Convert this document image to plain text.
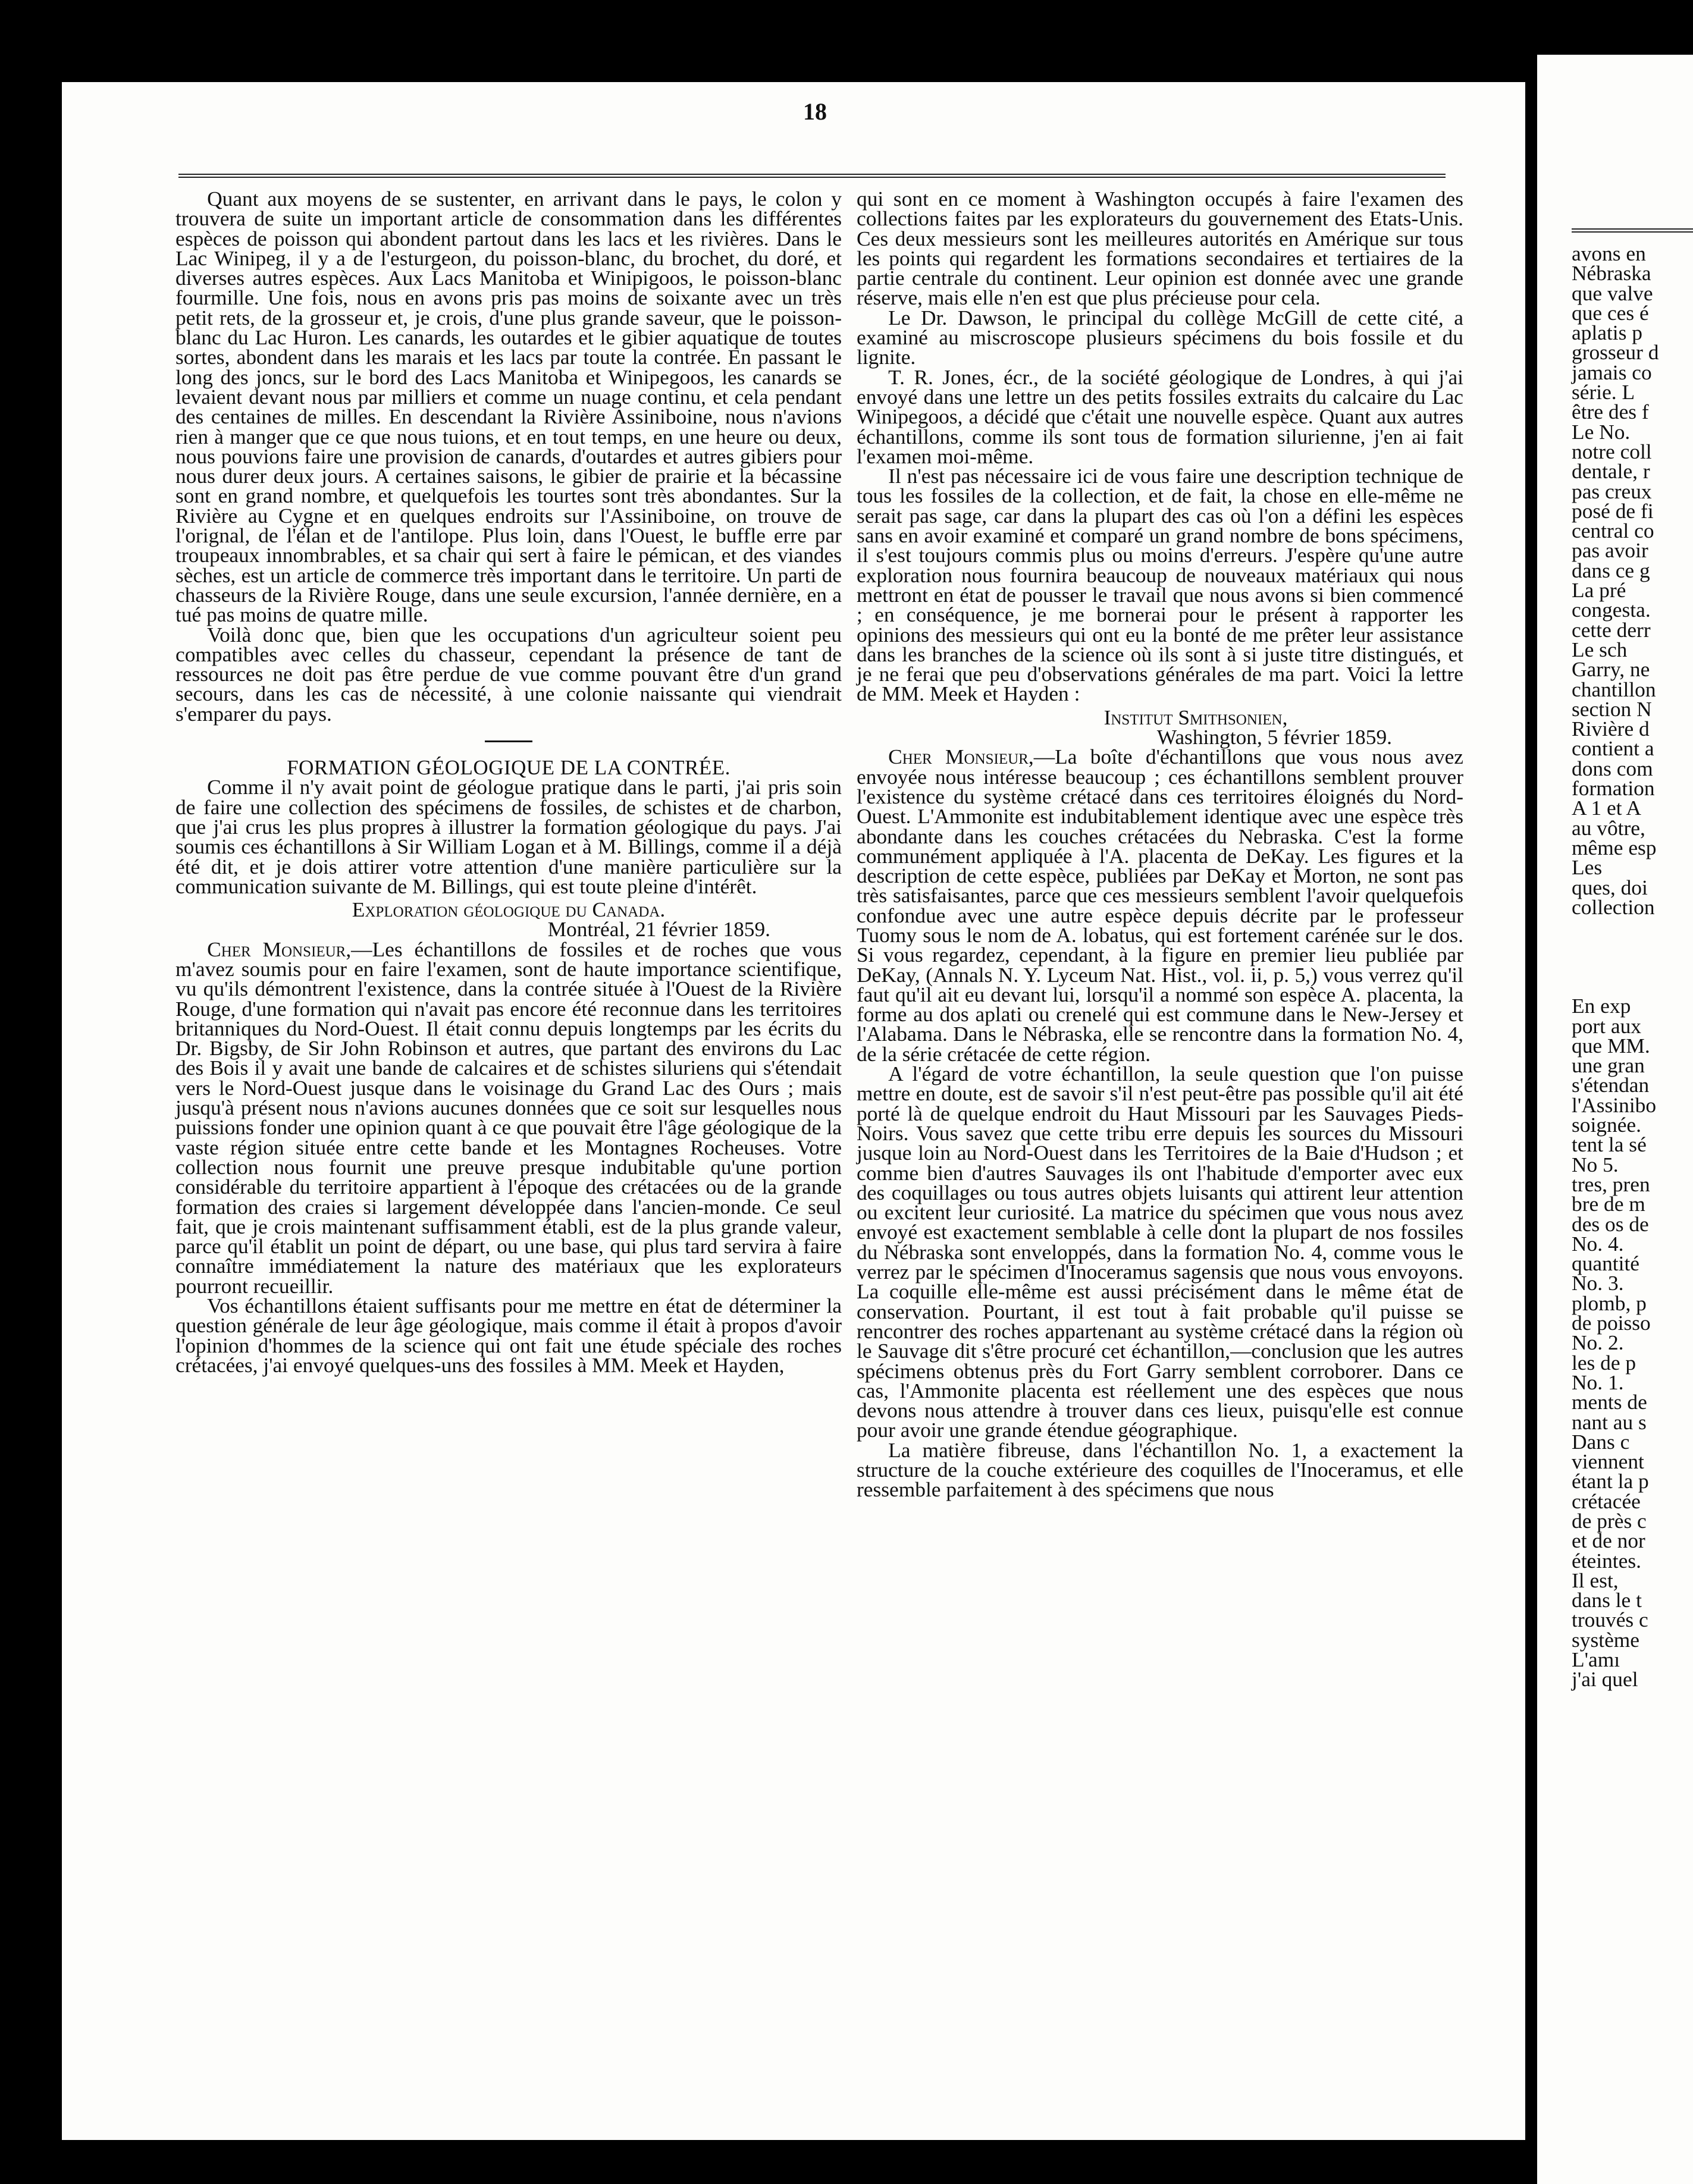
avons en
Nébraska
que valve
que ces é
aplatis p
grosseur d
jamais co
série. L
être des f
Le No.
notre coll
dentale, r
pas creux
posé de fi
central co
pas avoir
dans ce g
La pré
congesta.
cette derr
Le sch
Garry, ne
chantillon
section N
Rivière d
contient a
dons com
formation
A 1 et A
au vôtre,
même esp
Les
ques, doi
collection
En exp
port aux
que MM.
une gran
s'étendan
l'Assinibo
soignée.
tent la sé
No 5.
tres, pren
bre de m
des os de
No. 4.
quantité
No. 3.
plomb, p
de poisso
No. 2.
les de p
No. 1.
ments de
nant au s
Dans c
viennent
étant la p
crétacée
de près c
et de nor
éteintes.
Il est,
dans le t
trouvés c
système
L'amı
j'ai quel
18

Quant aux moyens de se sustenter, en arrivant dans le pays, le colon y trouvera de suite un important article de consommation dans les différentes espèces de poisson qui abondent partout dans les lacs et les rivières. Dans le Lac Winipeg, il y a de l'esturgeon, du poisson-blanc, du brochet, du doré, et diverses autres espèces. Aux Lacs Manitoba et Winipigoos, le poisson-blanc fourmille. Une fois, nous en avons pris pas moins de soixante avec un très petit rets, de la grosseur et, je crois, d'une plus grande saveur, que le poisson-blanc du Lac Huron. Les canards, les outardes et le gibier aquatique de toutes sortes, abondent dans les marais et les lacs par toute la contrée. En passant le long des joncs, sur le bord des Lacs Manitoba et Winipegoos, les canards se levaient devant nous par milliers et comme un nuage continu, et cela pendant des centaines de milles. En descendant la Rivière Assiniboine, nous n'avions rien à manger que ce que nous tuions, et en tout temps, en une heure ou deux, nous pouvions faire une provision de canards, d'outardes et autres gibiers pour nous durer deux jours. A certaines saisons, le gibier de prairie et la bécassine sont en grand nombre, et quelquefois les tourtes sont très abondantes. Sur la Rivière au Cygne et en quelques endroits sur l'Assiniboine, on trouve de l'orignal, de l'élan et de l'antilope. Plus loin, dans l'Ouest, le buffle erre par troupeaux innombrables, et sa chair qui sert à faire le pémican, et des viandes sèches, est un article de commerce très important dans le territoire. Un parti de chasseurs de la Rivière Rouge, dans une seule excursion, l'année dernière, en a tué pas moins de quatre mille.

Voilà donc que, bien que les occupations d'un agriculteur soient peu compatibles avec celles du chasseur, cependant la présence de tant de ressources ne doit pas être perdue de vue comme pouvant être d'un grand secours, dans les cas de nécessité, à une colonie naissante qui viendrait s'emparer du pays.

FORMATION GÉOLOGIQUE DE LA CONTRÉE.

Comme il n'y avait point de géologue pratique dans le parti, j'ai pris soin de faire une collection des spécimens de fossiles, de schistes et de charbon, que j'ai crus les plus propres à illustrer la formation géologique du pays. J'ai soumis ces échantillons à Sir William Logan et à M. Billings, comme il a déjà été dit, et je dois attirer votre attention d'une manière particulière sur la communication suivante de M. Billings, qui est toute pleine d'intérêt.

Exploration géologique du Canada.

Montréal, 21 février 1859.

Cher Monsieur,—Les échantillons de fossiles et de roches que vous m'avez soumis pour en faire l'examen, sont de haute importance scientifique, vu qu'ils démontrent l'existence, dans la contrée située à l'Ouest de la Rivière Rouge, d'une formation qui n'avait pas encore été reconnue dans les territoires britanniques du Nord-Ouest. Il était connu depuis longtemps par les écrits du Dr. Bigsby, de Sir John Robinson et autres, que partant des environs du Lac des Bois il y avait une bande de calcaires et de schistes siluriens qui s'étendait vers le Nord-Ouest jusque dans le voisinage du Grand Lac des Ours ; mais jusqu'à présent nous n'avions aucunes données que ce soit sur lesquelles nous puissions fonder une opinion quant à ce que pouvait être l'âge géologique de la vaste région située entre cette bande et les Montagnes Rocheuses. Votre collection nous fournit une preuve presque indubitable qu'une portion considérable du territoire appartient à l'époque des crétacées ou de la grande formation des craies si largement développée dans l'ancien-monde. Ce seul fait, que je crois maintenant suffisamment établi, est de la plus grande valeur, parce qu'il établit un point de départ, ou une base, qui plus tard servira à faire connaître immédiatement la nature des matériaux que les explorateurs pourront recueillir.

Vos échantillons étaient suffisants pour me mettre en état de déterminer la question générale de leur âge géologique, mais comme il était à propos d'avoir l'opinion d'hommes de la science qui ont fait une étude spéciale des roches crétacées, j'ai envoyé quelques-uns des fossiles à MM. Meek et Hayden,

qui sont en ce moment à Washington occupés à faire l'examen des collections faites par les explorateurs du gouvernement des Etats-Unis. Ces deux messieurs sont les meilleures autorités en Amérique sur tous les points qui regardent les formations secondaires et tertiaires de la partie centrale du continent. Leur opinion est donnée avec une grande réserve, mais elle n'en est que plus précieuse pour cela.

Le Dr. Dawson, le principal du collège McGill de cette cité, a examiné au miscroscope plusieurs spécimens du bois fossile et du lignite.

T. R. Jones, écr., de la société géologique de Londres, à qui j'ai envoyé dans une lettre un des petits fossiles extraits du calcaire du Lac Winipegoos, a décidé que c'était une nouvelle espèce. Quant aux autres échantillons, comme ils sont tous de formation silurienne, j'en ai fait l'examen moi-même.

Il n'est pas nécessaire ici de vous faire une description technique de tous les fossiles de la collection, et de fait, la chose en elle-même ne serait pas sage, car dans la plupart des cas où l'on a défini les espèces sans en avoir examiné et comparé un grand nombre de bons spécimens, il s'est toujours commis plus ou moins d'erreurs. J'espère qu'une autre exploration nous fournira beaucoup de nouveaux matériaux qui nous mettront en état de pousser le travail que nous avons si bien commencé ; en conséquence, je me bornerai pour le présent à rapporter les opinions des messieurs qui ont eu la bonté de me prêter leur assistance dans les branches de la science où ils sont à si juste titre distingués, et je ne ferai que peu d'observations générales de ma part. Voici la lettre de MM. Meek et Hayden :

Institut Smithsonien,

Washington, 5 février 1859.

Cher Monsieur,—La boîte d'échantillons que vous nous avez envoyée nous intéresse beaucoup ; ces échantillons semblent prouver l'existence du système crétacé dans ces territoires éloignés du Nord-Ouest. L'Ammonite est indubitablement identique avec une espèce très abondante dans les couches crétacées du Nebraska. C'est la forme communément appliquée à l'A. placenta de DeKay. Les figures et la description de cette espèce, publiées par DeKay et Morton, ne sont pas très satisfaisantes, parce que ces messieurs semblent l'avoir quelquefois confondue avec une autre espèce depuis décrite par le professeur Tuomy sous le nom de A. lobatus, qui est fortement carénée sur le dos. Si vous regardez, cependant, à la figure en premier lieu publiée par DeKay, (Annals N. Y. Lyceum Nat. Hist., vol. ii, p. 5,) vous verrez qu'il faut qu'il ait eu devant lui, lorsqu'il a nommé son espèce A. placenta, la forme au dos aplati ou crenelé qui est commune dans le New-Jersey et l'Alabama. Dans le Nébraska, elle se rencontre dans la formation No. 4, de la série crétacée de cette région.

A l'égard de votre échantillon, la seule question que l'on puisse mettre en doute, est de savoir s'il n'est peut-être pas possible qu'il ait été porté là de quelque endroit du Haut Missouri par les Sauvages Pieds-Noirs. Vous savez que cette tribu erre depuis les sources du Missouri jusque loin au Nord-Ouest dans les Territoires de la Baie d'Hudson ; et comme bien d'autres Sauvages ils ont l'habitude d'emporter avec eux des coquillages ou tous autres objets luisants qui attirent leur attention ou excitent leur curiosité. La matrice du spécimen que vous nous avez envoyé est exactement semblable à celle dont la plupart de nos fossiles du Nébraska sont enveloppés, dans la formation No. 4, comme vous le verrez par le spécimen d'Inoceramus sagensis que nous vous envoyons. La coquille elle-même est aussi précisément dans le même état de conservation. Pourtant, il est tout à fait probable qu'il puisse se rencontrer des roches appartenant au système crétacé dans la région où le Sauvage dit s'être procuré cet échantillon,—conclusion que les autres spécimens obtenus près du Fort Garry semblent corroborer. Dans ce cas, l'Ammonite placenta est réellement une des espèces que nous devons nous attendre à trouver dans ces lieux, puisqu'elle est connue pour avoir une grande étendue géographique.

La matière fibreuse, dans l'échantillon No. 1, a exactement la structure de la couche extérieure des coquilles de l'Inoceramus, et elle ressemble parfaitement à des spécimens que nous
